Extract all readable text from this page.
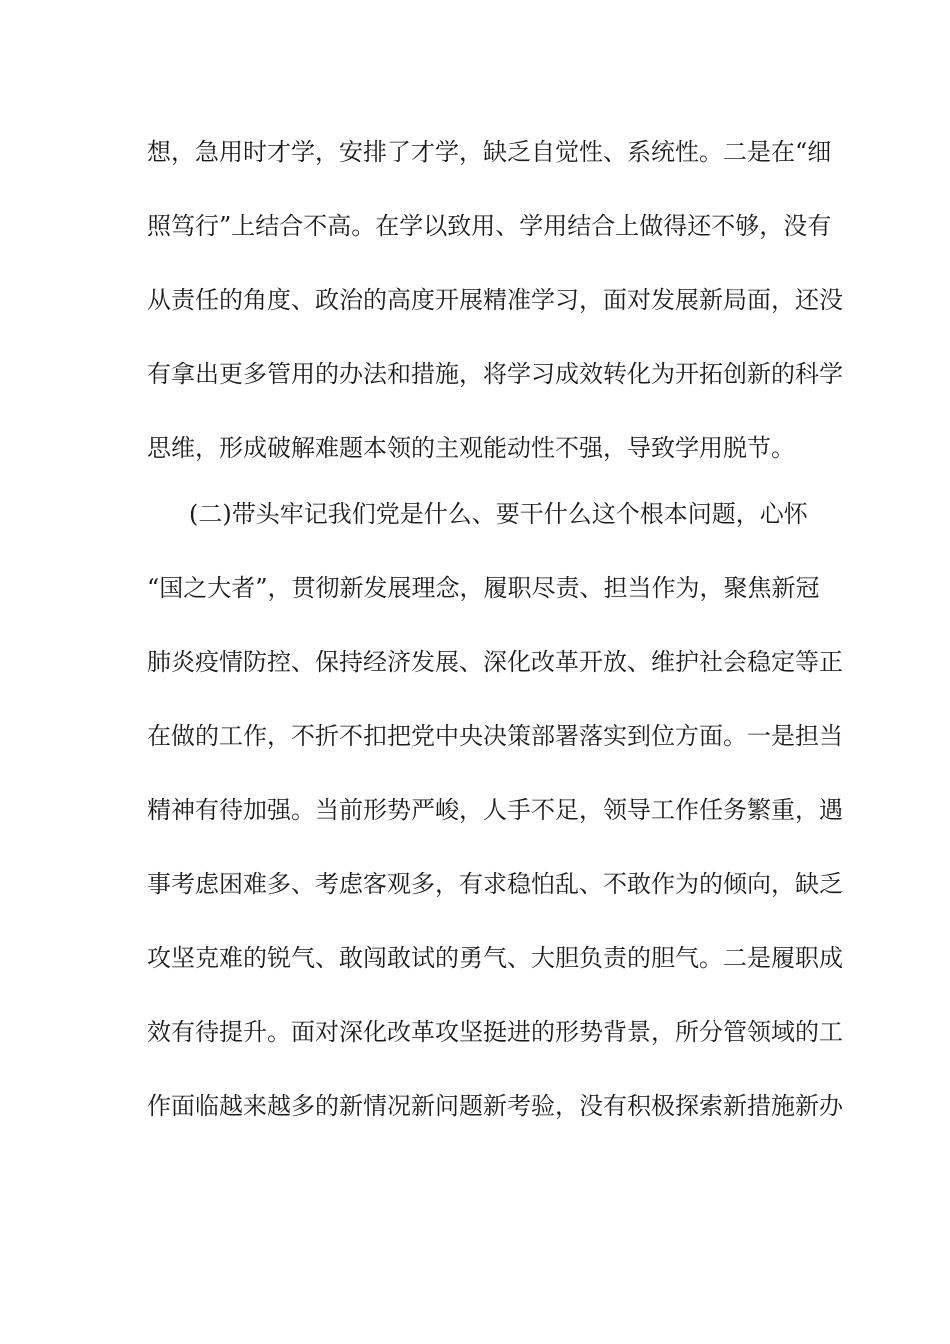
想，急用时才学，安排了才学，缺乏自觉性、系统性。二是在“细
照笃行”上结合不高。在学以致用、学用结合上做得还不够，没有
从责任的角度、政治的高度开展精准学习，面对发展新局面，还没
有拿出更多管用的办法和措施，将学习成效转化为开拓创新的科学
思维，形成破解难题本领的主观能动性不强，导致学用脱节。
(二)带头牢记我们党是什么、要干什么这个根本问题，心怀
“国之大者”，贯彻新发展理念，履职尽责、担当作为，聚焦新冠
肺炎疫情防控、保持经济发展、深化改革开放、维护社会稳定等正
在做的工作，不折不扣把党中央决策部署落实到位方面。一是担当
精神有待加强。当前形势严峻，人手不足，领导工作任务繁重，遇
事考虑困难多、考虑客观多，有求稳怕乱、不敢作为的倾向，缺乏
攻坚克难的锐气、敢闯敢试的勇气、大胆负责的胆气。二是履职成
效有待提升。面对深化改革攻坚挺进的形势背景，所分管领域的工
作面临越来越多的新情况新问题新考验，没有积极探索新措施新办
